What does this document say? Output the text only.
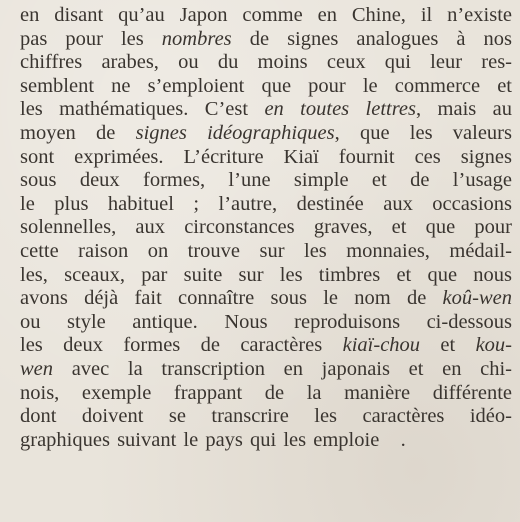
en disant qu’au Japon comme en Chine, il n’existe
pas pour les nombres de signes analogues à nos
chiffres arabes, ou du moins ceux qui leur res-
semblent ne s’emploient que pour le commerce et
les mathématiques. C’est en toutes lettres, mais au
moyen de signes idéographiques, que les valeurs
sont exprimées. L’écriture Kiaï fournit ces signes
sous deux formes, l’une simple et de l’usage
le plus habituel ; l’autre, destinée aux occasions
solennelles, aux circonstances graves, et que pour
cette raison on trouve sur les monnaies, médail-
les, sceaux, par suite sur les timbres et que nous
avons déjà fait connaître sous le nom de koû-wen
ou style antique. Nous reproduisons ci-dessous
les deux formes de caractères kiaï-chou et kou-
wen avec la transcription en japonais et en chi-
nois, exemple frappant de la manière différente
dont doivent se transcrire les caractères idéo-
graphiques suivant le pays qui les emploie   .
